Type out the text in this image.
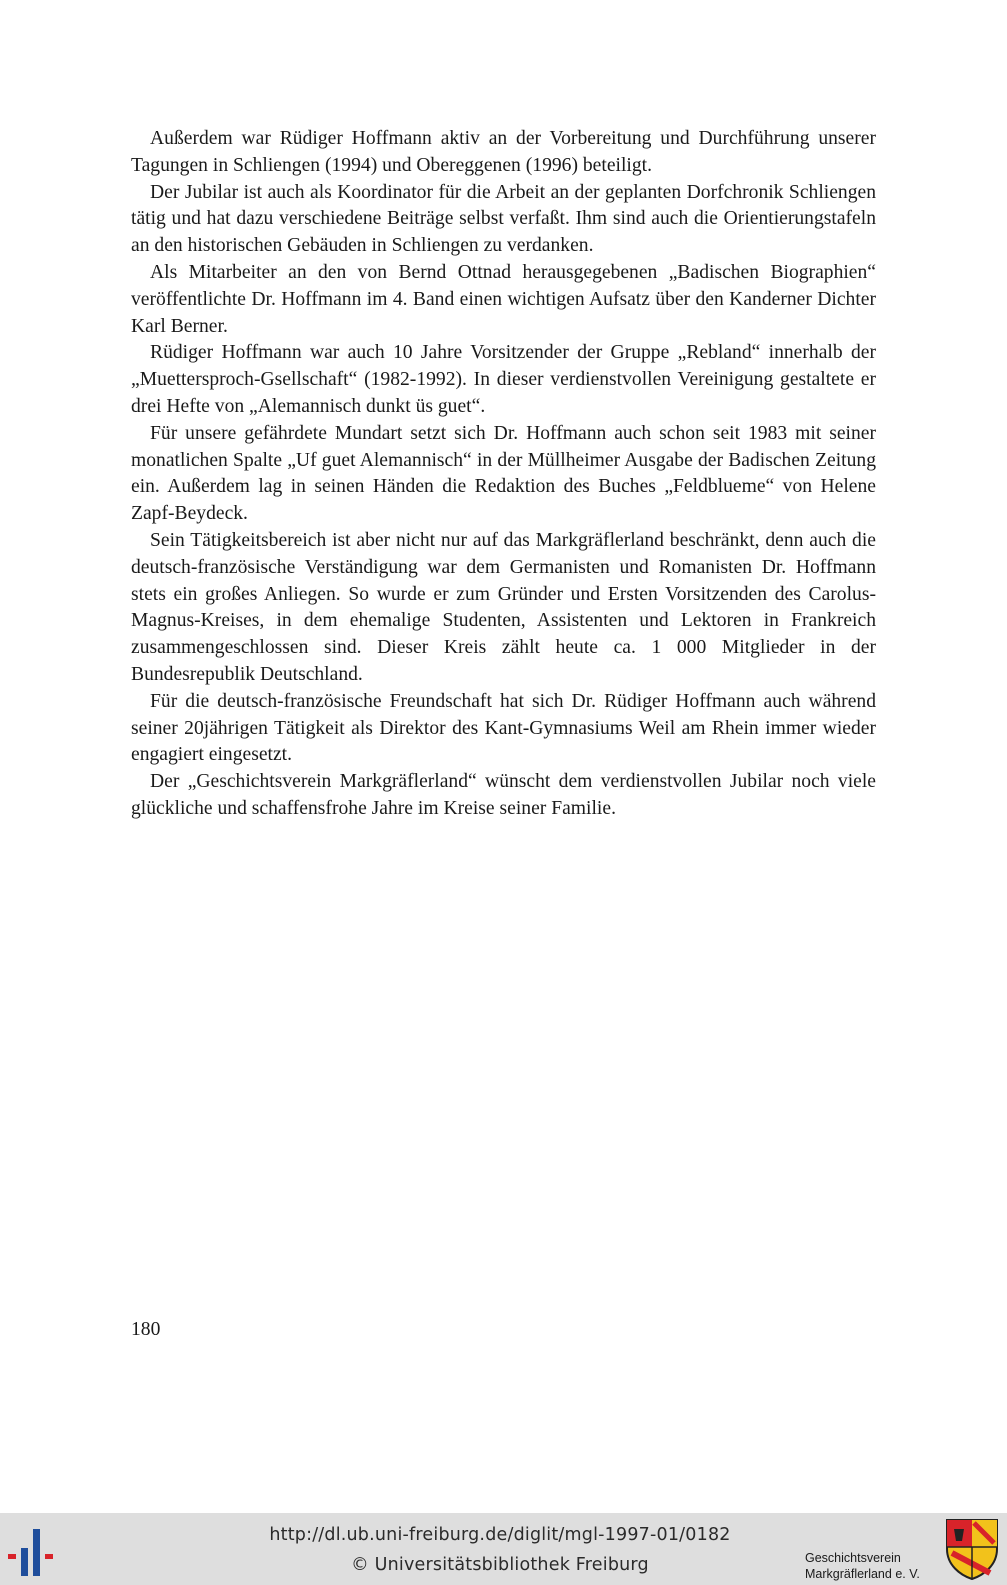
Außerdem war Rüdiger Hoffmann aktiv an der Vorbereitung und Durchführung unserer Tagungen in Schliengen (1994) und Obereggenen (1996) beteiligt.

Der Jubilar ist auch als Koordinator für die Arbeit an der geplanten Dorfchronik Schliengen tätig und hat dazu verschiedene Beiträge selbst verfaßt. Ihm sind auch die Orientierungstafeln an den historischen Gebäuden in Schliengen zu verdanken.

Als Mitarbeiter an den von Bernd Ottnad herausgegebenen „Badischen Biographien“ veröffentlichte Dr. Hoffmann im 4. Band einen wichtigen Aufsatz über den Kanderner Dichter Karl Berner.

Rüdiger Hoffmann war auch 10 Jahre Vorsitzender der Gruppe „Rebland“ innerhalb der „Muettersproch-Gsellschaft“ (1982-1992). In dieser verdienstvollen Vereinigung gestaltete er drei Hefte von „Alemannisch dunkt üs guet“.

Für unsere gefährdete Mundart setzt sich Dr. Hoffmann auch schon seit 1983 mit seiner monatlichen Spalte „Uf guet Alemannisch“ in der Müllheimer Ausgabe der Badischen Zeitung ein. Außerdem lag in seinen Händen die Redaktion des Buches „Feldblueme“ von Helene Zapf-Beydeck.

Sein Tätigkeitsbereich ist aber nicht nur auf das Markgräflerland beschränkt, denn auch die deutsch-französische Verständigung war dem Germanisten und Romanisten Dr. Hoffmann stets ein großes Anliegen. So wurde er zum Gründer und Ersten Vorsitzenden des Carolus-Magnus-Kreises, in dem ehemalige Studenten, Assistenten und Lektoren in Frankreich zusammengeschlossen sind. Dieser Kreis zählt heute ca. 1 000 Mitglieder in der Bundesrepublik Deutschland.

Für die deutsch-französische Freundschaft hat sich Dr. Rüdiger Hoffmann auch während seiner 20jährigen Tätigkeit als Direktor des Kant-Gymnasiums Weil am Rhein immer wieder engagiert eingesetzt.

Der „Geschichtsverein Markgräflerland“ wünscht dem verdienstvollen Jubilar noch viele glückliche und schaffensfrohe Jahre im Kreise seiner Familie.

180
http://dl.ub.uni-freiburg.de/diglit/mgl-1997-01/0182
© Universitätsbibliothek Freiburg	Geschichtsverein
Markgräflerland e. V.
